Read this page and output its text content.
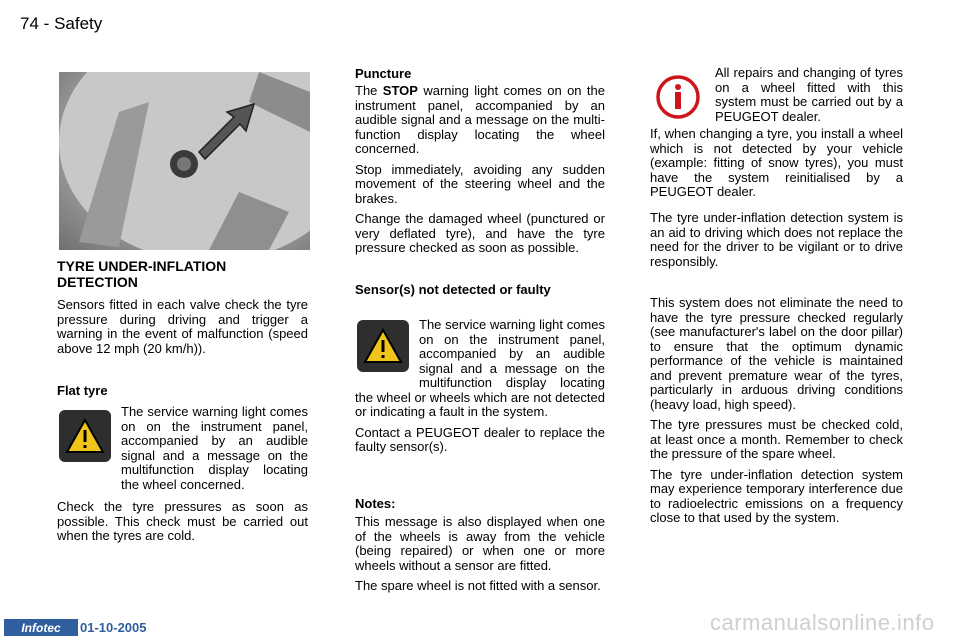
74 - Safety
TYRE UNDER-INFLATION DETECTION

Sensors fitted in each valve check the tyre pressure during driving and trigger a warning in the event of malfunction (speed above 12 mph (20 km/h)).

Flat tyre

The service warning light comes on on the instrument panel, accompanied by an audible signal and a message on the multifunction display locating the wheel concerned.

Check the tyre pressures as soon as possible. This check must be carried out when the tyres are cold.

Puncture

The STOP warning light comes on on the instrument panel, accompanied by an audible signal and a message on the multi-function display locating the wheel concerned.

Stop immediately, avoiding any sudden movement of the steering wheel and the brakes.

Change the damaged wheel (punctured or very deflated tyre), and have the tyre pressure checked as soon as possible.

Sensor(s) not detected or faulty

The service warning light comes on on the instrument panel, accompanied by an audible signal and a message on the multifunction display locating the wheel or wheels which are not detected or indicating a fault in the system.

Contact a PEUGEOT dealer to replace the faulty sensor(s).

Notes:

This message is also displayed when one of the wheels is away from the vehicle (being repaired) or when one or more wheels without a sensor are fitted.

The spare wheel is not fitted with a sensor.

All repairs and changing of tyres on a wheel fitted with this system must be carried out by a PEUGEOT dealer.

If, when changing a tyre, you install a wheel which is not detected by your vehicle (example: fitting of snow tyres), you must have the system reinitialised by a PEUGEOT dealer.

The tyre under-inflation detection system is an aid to driving which does not replace the need for the driver to be vigilant or to drive responsibly.

This system does not eliminate the need to have the tyre pressure checked regularly (see manufacturer's label on the door pillar) to ensure that the optimum dynamic performance of the vehicle is maintained and prevent premature wear of the tyres, particularly in arduous driving conditions (heavy load, high speed).

The tyre pressures must be checked cold, at least once a month. Remember to check the pressure of the spare wheel.

The tyre under-inflation detection system may experience temporary interference due to radioelectric emissions on a frequency close to that used by the system.

Infotec	01-10-2005	carmanualsonline.info
